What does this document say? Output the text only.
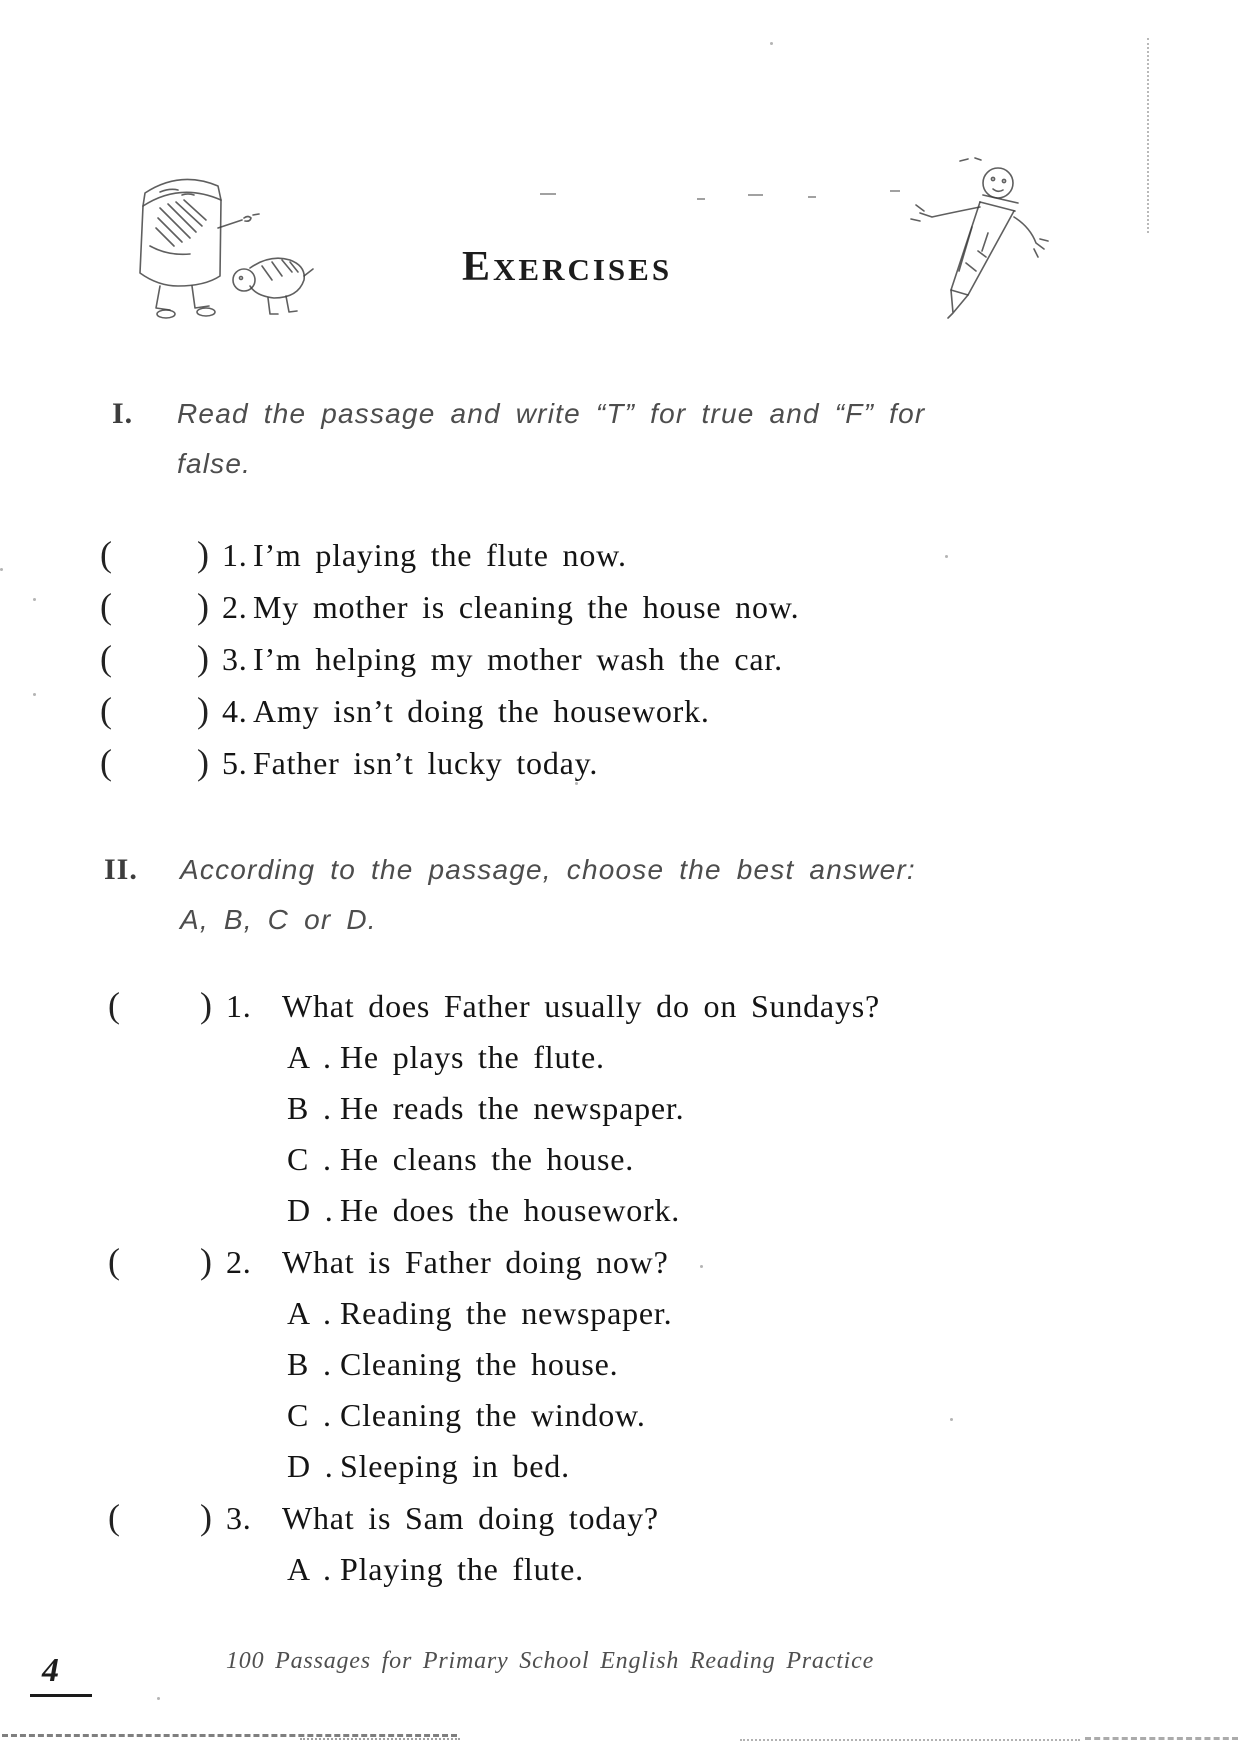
EXERCISES
I. Read the passage and write “T” for true and “F” for
false.
(	) 1. I’m playing the flute now.
(	) 2. My mother is cleaning the house now.
(	) 3. I’m helping my mother wash the car.
(	) 4. Amy isn’t doing the housework.
(	) 5. Father isn’t lucky today.
II. According to the passage, choose the best answer:
A, B, C or D.
(	) 1. What does Father usually do on Sundays?
A . He plays the flute.
B . He reads the newspaper.
C . He cleans the house.
D . He does the housework.
(	) 2. What is Father doing now?
A . Reading the newspaper.
B . Cleaning the house.
C . Cleaning the window.
D . Sleeping in bed.
(	) 3. What is Sam doing today?
A . Playing the flute.
4	100 Passages for Primary School English Reading Practice
